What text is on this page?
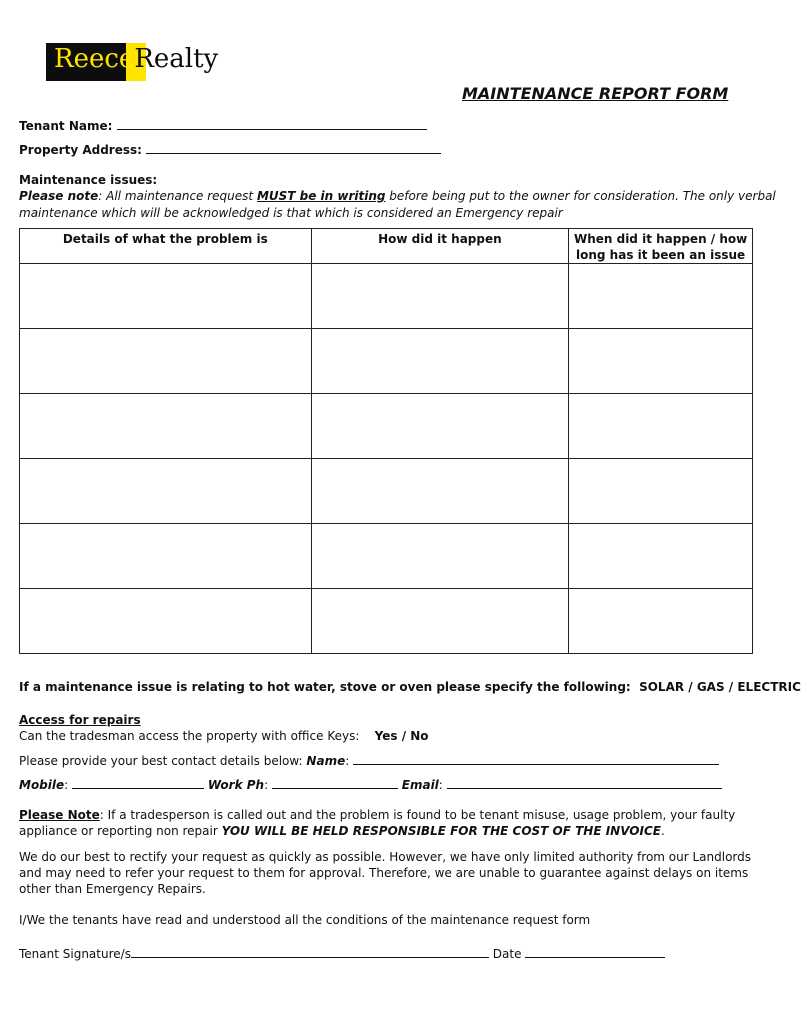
ReeceRealty
MAINTENANCE REPORT FORM
Tenant Name:
Property Address:
Maintenance issues:
Please note: All maintenance request MUST be in writing before being put to the owner for consideration. The only verbal
maintenance which will be acknowledged is that which is considered an Emergency repair
Details of what the problem is	How did it happen	When did it happen / how long has it been an issue

If a maintenance issue is relating to hot water, stove or oven please specify the following: SOLAR / GAS / ELECTRIC
Access for repairs
Can the tradesman access the property with office Keys: Yes / No
Please provide your best contact details below: Name:
Mobile:	Work Ph:	Email:
Please Note: If a tradesperson is called out and the problem is found to be tenant misuse, usage problem, your faulty
appliance or reporting non repair YOU WILL BE HELD RESPONSIBLE FOR THE COST OF THE INVOICE.
We do our best to rectify your request as quickly as possible. However, we have only limited authority from our Landlords
and may need to refer your request to them for approval. Therefore, we are unable to guarantee against delays on items
other than Emergency Repairs.
I/We the tenants have read and understood all the conditions of the maintenance request form
Tenant Signature/s	Date
